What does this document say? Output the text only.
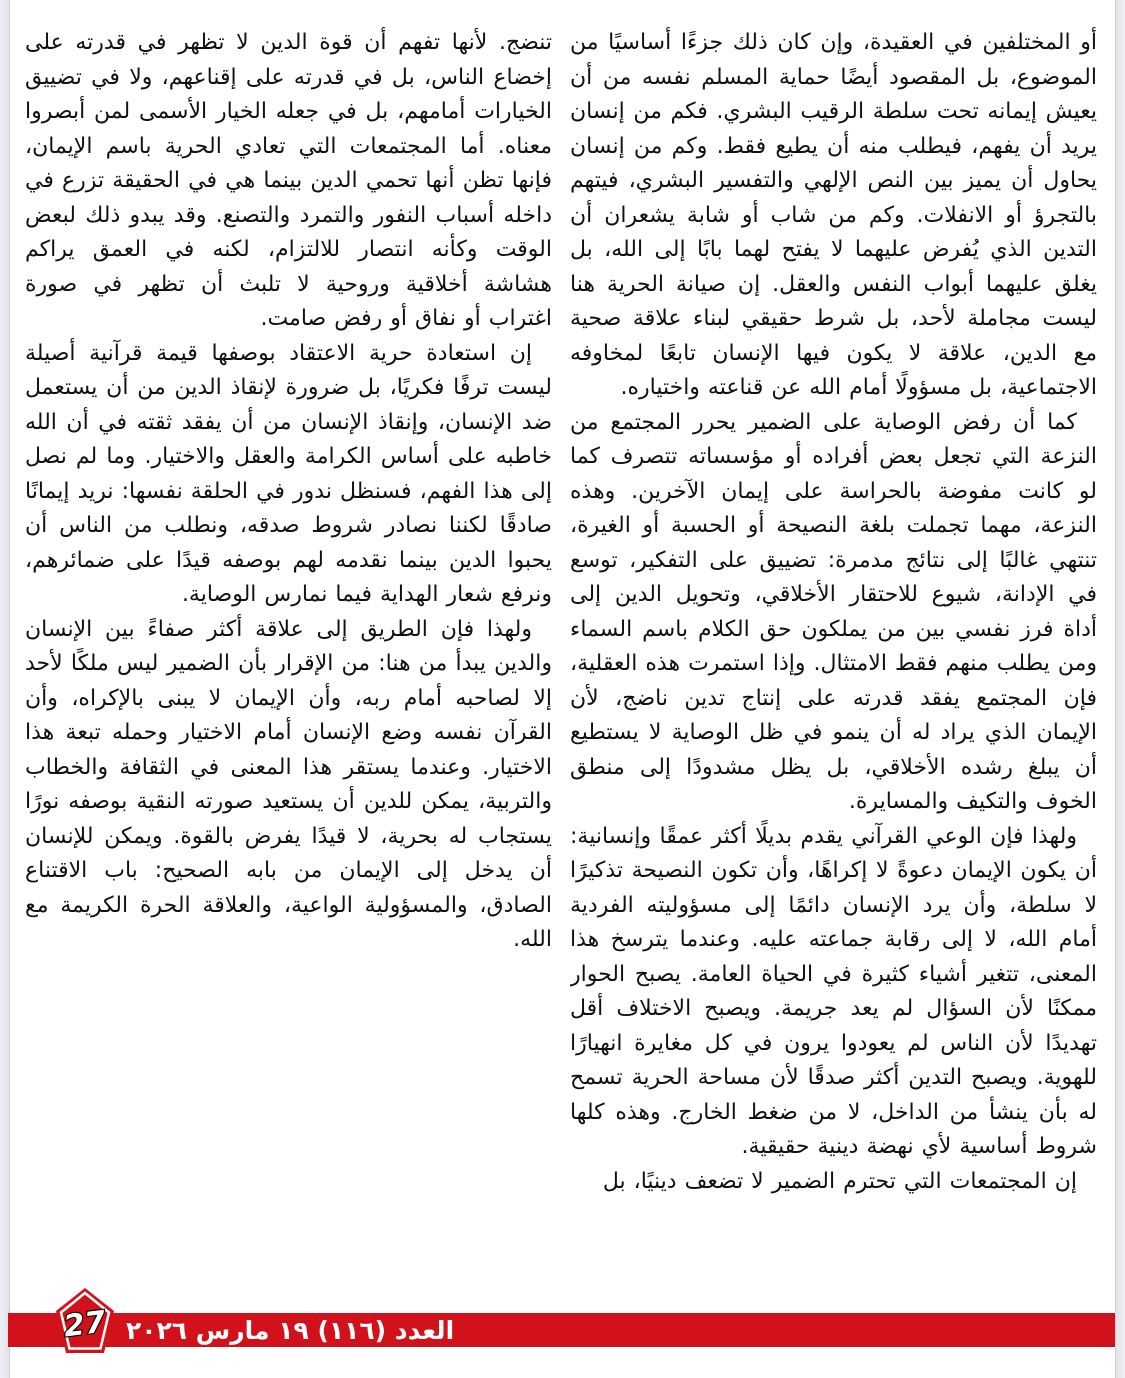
أو المختلفين في العقيدة، وإن كان ذلك جزءًا أساسيًا من الموضوع، بل المقصود أيضًا حماية المسلم نفسه من أن يعيش إيمانه تحت سلطة الرقيب البشري. فكم من إنسان يريد أن يفهم، فيطلب منه أن يطيع فقط. وكم من إنسان يحاول أن يميز بين النص الإلهي والتفسير البشري، فيتهم بالتجرؤ أو الانفلات. وكم من شاب أو شابة يشعران أن التدين الذي يُفرض عليهما لا يفتح لهما بابًا إلى الله، بل يغلق عليهما أبواب النفس والعقل. إن صيانة الحرية هنا ليست مجاملة لأحد، بل شرط حقيقي لبناء علاقة صحية مع الدين، علاقة لا يكون فيها الإنسان تابعًا لمخاوفه الاجتماعية، بل مسؤولًا أمام الله عن قناعته واختياره.

كما أن رفض الوصاية على الضمير يحرر المجتمع من النزعة التي تجعل بعض أفراده أو مؤسساته تتصرف كما لو كانت مفوضة بالحراسة على إيمان الآخرين. وهذه النزعة، مهما تجملت بلغة النصيحة أو الحسبة أو الغيرة، تنتهي غالبًا إلى نتائج مدمرة: تضييق على التفكير، توسع في الإدانة، شيوع للاحتقار الأخلاقي، وتحويل الدين إلى أداة فرز نفسي بين من يملكون حق الكلام باسم السماء ومن يطلب منهم فقط الامتثال. وإذا استمرت هذه العقلية، فإن المجتمع يفقد قدرته على إنتاج تدين ناضج، لأن الإيمان الذي يراد له أن ينمو في ظل الوصاية لا يستطيع أن يبلغ رشده الأخلاقي، بل يظل مشدودًا إلى منطق الخوف والتكيف والمسايرة.

ولهذا فإن الوعي القرآني يقدم بديلًا أكثر عمقًا وإنسانية: أن يكون الإيمان دعوةً لا إكراهًا، وأن تكون النصيحة تذكيرًا لا سلطة، وأن يرد الإنسان دائمًا إلى مسؤوليته الفردية أمام الله، لا إلى رقابة جماعته عليه. وعندما يترسخ هذا المعنى، تتغير أشياء كثيرة في الحياة العامة. يصبح الحوار ممكنًا لأن السؤال لم يعد جريمة. ويصبح الاختلاف أقل تهديدًا لأن الناس لم يعودوا يرون في كل مغايرة انهيارًا للهوية. ويصبح التدين أكثر صدقًا لأن مساحة الحرية تسمح له بأن ينشأ من الداخل، لا من ضغط الخارج. وهذه كلها شروط أساسية لأي نهضة دينية حقيقية.

إن المجتمعات التي تحترم الضمير لا تضعف دينيًا، بل

تنضج. لأنها تفهم أن قوة الدين لا تظهر في قدرته على إخضاع الناس، بل في قدرته على إقناعهم، ولا في تضييق الخيارات أمامهم، بل في جعله الخيار الأسمى لمن أبصروا معناه. أما المجتمعات التي تعادي الحرية باسم الإيمان، فإنها تظن أنها تحمي الدين بينما هي في الحقيقة تزرع في داخله أسباب النفور والتمرد والتصنع. وقد يبدو ذلك لبعض الوقت وكأنه انتصار للالتزام، لكنه في العمق يراكم هشاشة أخلاقية وروحية لا تلبث أن تظهر في صورة اغتراب أو نفاق أو رفض صامت.

إن استعادة حرية الاعتقاد بوصفها قيمة قرآنية أصيلة ليست ترفًا فكريًا، بل ضرورة لإنقاذ الدين من أن يستعمل ضد الإنسان، وإنقاذ الإنسان من أن يفقد ثقته في أن الله خاطبه على أساس الكرامة والعقل والاختيار. وما لم نصل إلى هذا الفهم، فسنظل ندور في الحلقة نفسها: نريد إيمانًا صادقًا لكننا نصادر شروط صدقه، ونطلب من الناس أن يحبوا الدين بينما نقدمه لهم بوصفه قيدًا على ضمائرهم، ونرفع شعار الهداية فيما نمارس الوصاية.

ولهذا فإن الطريق إلى علاقة أكثر صفاءً بين الإنسان والدين يبدأ من هنا: من الإقرار بأن الضمير ليس ملكًا لأحد إلا لصاحبه أمام ربه، وأن الإيمان لا يبنى بالإكراه، وأن القرآن نفسه وضع الإنسان أمام الاختيار وحمله تبعة هذا الاختيار. وعندما يستقر هذا المعنى في الثقافة والخطاب والتربية، يمكن للدين أن يستعيد صورته النقية بوصفه نورًا يستجاب له بحرية، لا قيدًا يفرض بالقوة. ويمكن للإنسان أن يدخل إلى الإيمان من بابه الصحيح: باب الاقتناع الصادق، والمسؤولية الواعية، والعلاقة الحرة الكريمة مع الله.

27 العدد (١١٦) ١٩ مارس ٢٠٢٦
